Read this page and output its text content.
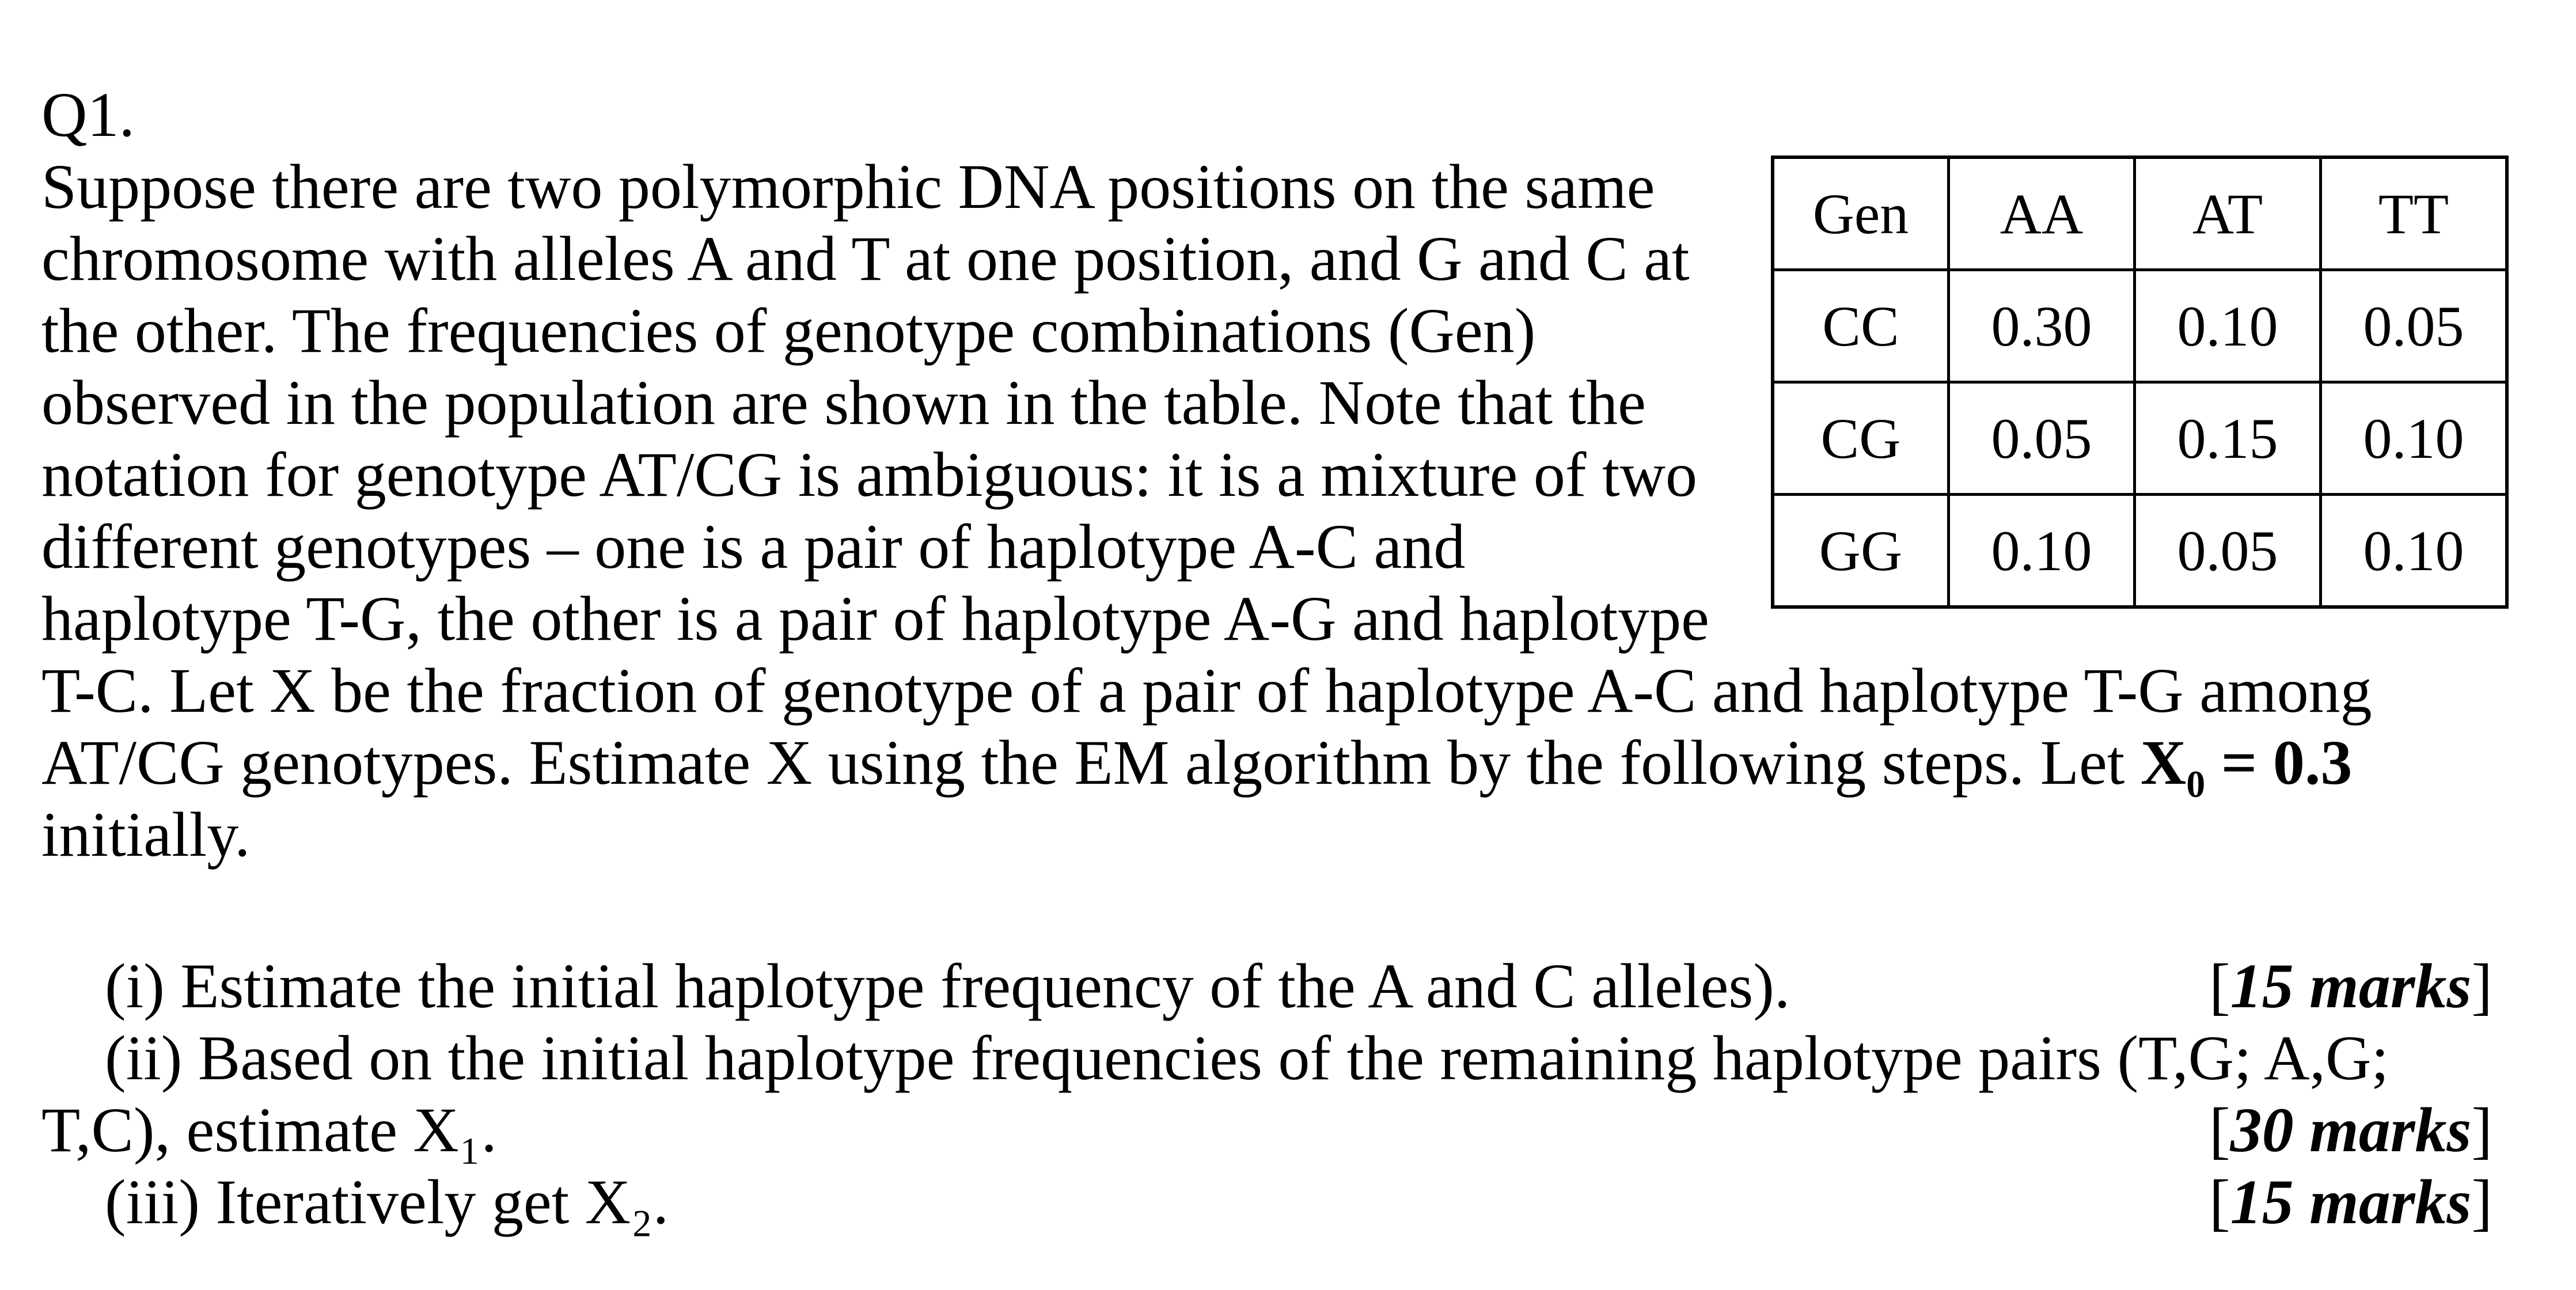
Q1.
Suppose there are two polymorphic DNA positions on the same
chromosome with alleles A and T at one position, and G and C at
the other. The frequencies of genotype combinations (Gen)
observed in the population are shown in the table. Note that the
notation for genotype AT/CG is ambiguous: it is a mixture of two
different genotypes – one is a pair of haplotype A-C and
haplotype T-G, the other is a pair of haplotype A-G and haplotype
T-C. Let X be the fraction of genotype of a pair of haplotype A-C and haplotype T-G among
AT/CG genotypes. Estimate X using the EM algorithm by the following steps. Let X₀ = 0.3
initially.
Gen	AA	AT	TT
CC	0.30	0.10	0.05
CG	0.05	0.15	0.10
GG	0.10	0.05	0.10
(i) Estimate the initial haplotype frequency of the A and C alleles).	[15 marks]
(ii) Based on the initial haplotype frequencies of the remaining haplotype pairs (T,G; A,G;
T,C), estimate X₁.	[30 marks]
(iii) Iteratively get X₂.	[15 marks]
